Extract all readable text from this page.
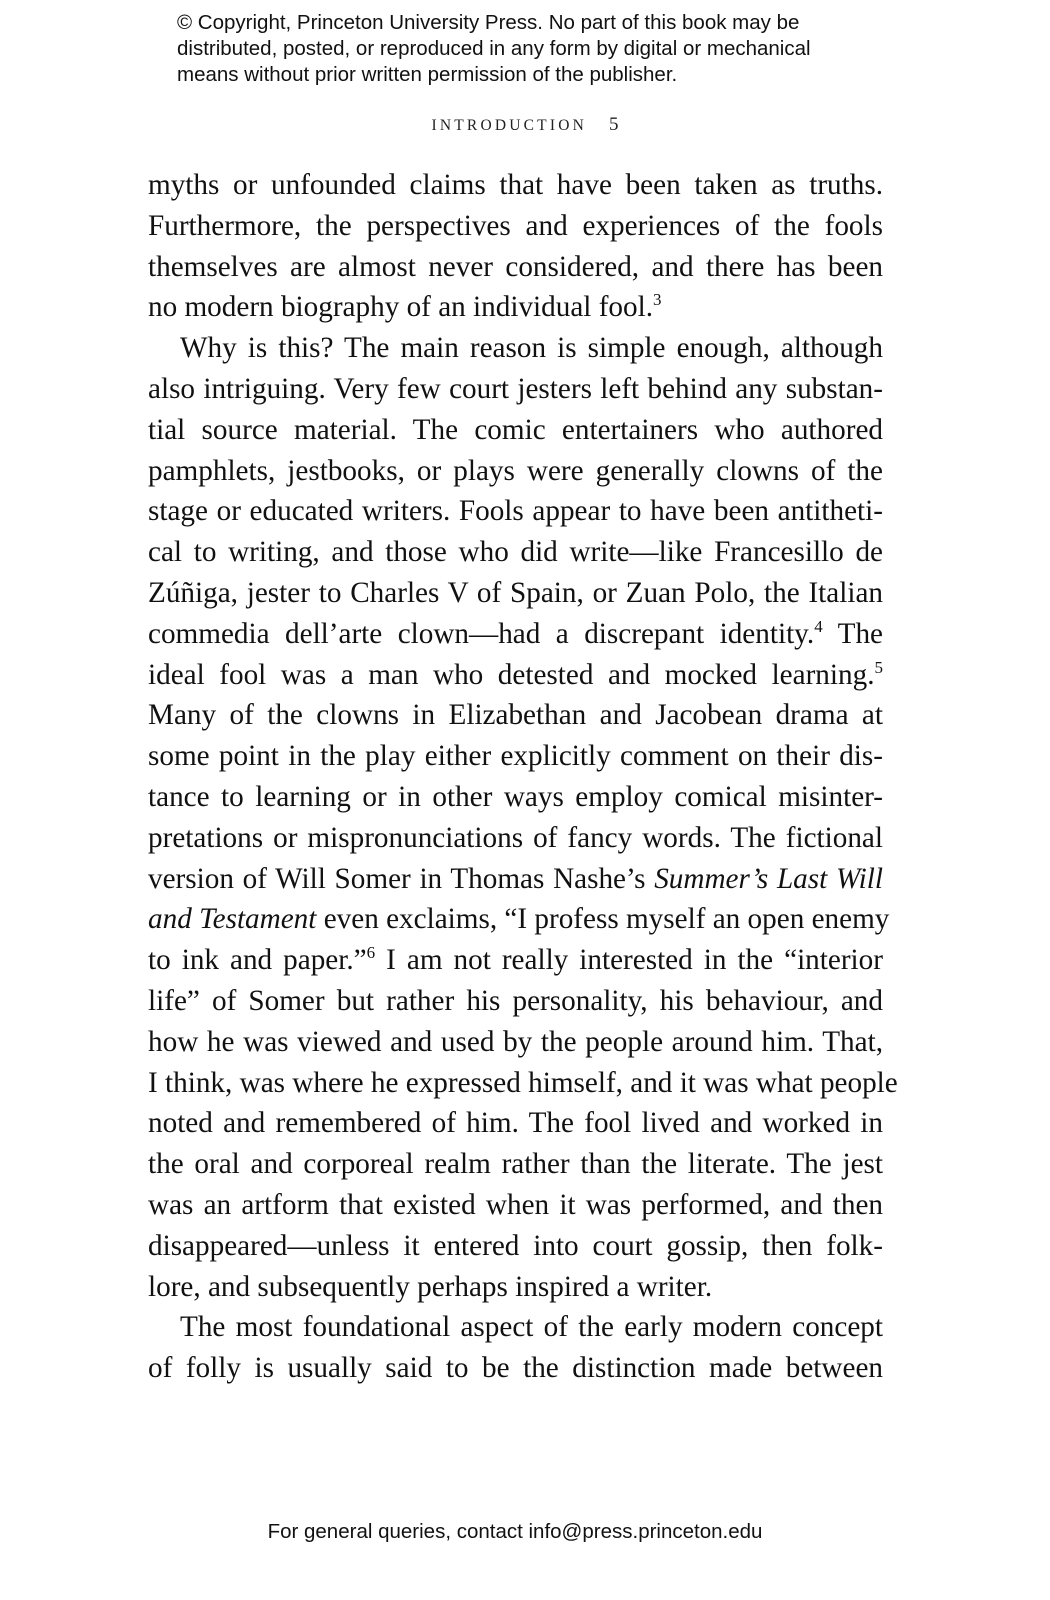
© Copyright, Princeton University Press. No part of this book may be
distributed, posted, or reproduced in any form by digital or mechanical
means without prior written permission of the publisher.
INTRODUCTION 5
myths or unfounded claims that have been taken as truths.
Furthermore, the perspectives and experiences of the fools
themselves are almost never considered, and there has been
no modern biography of an individual fool.$^3$
Why is this? The main reason is simple enough, although
also intriguing. Very few court jesters left behind any substan-
tial source material. The comic entertainers who authored
pamphlets, jestbooks, or plays were generally clowns of the
stage or educated writers. Fools appear to have been antitheti-
cal to writing, and those who did write—like Francesillo de
Zúñiga, jester to Charles V of Spain, or Zuan Polo, the Italian
commedia dell’arte clown—had a discrepant identity.$^4$ The
ideal fool was a man who detested and mocked learning.$^5$
Many of the clowns in Elizabethan and Jacobean drama at
some point in the play either explicitly comment on their dis-
tance to learning or in other ways employ comical misinter-
pretations or mispronunciations of fancy words. The fictional
version of Will Somer in Thomas Nashe’s Summer’s Last Will
and Testament even exclaims, “I profess myself an open enemy
to ink and paper.”$^6$ I am not really interested in the “interior
life” of Somer but rather his personality, his behaviour, and
how he was viewed and used by the people around him. That,
I think, was where he expressed himself, and it was what people
noted and remembered of him. The fool lived and worked in
the oral and corporeal realm rather than the literate. The jest
was an artform that existed when it was performed, and then
disappeared—unless it entered into court gossip, then folk-
lore, and subsequently perhaps inspired a writer.
The most foundational aspect of the early modern concept
of folly is usually said to be the distinction made between
For general queries, contact info@press.princeton.edu
